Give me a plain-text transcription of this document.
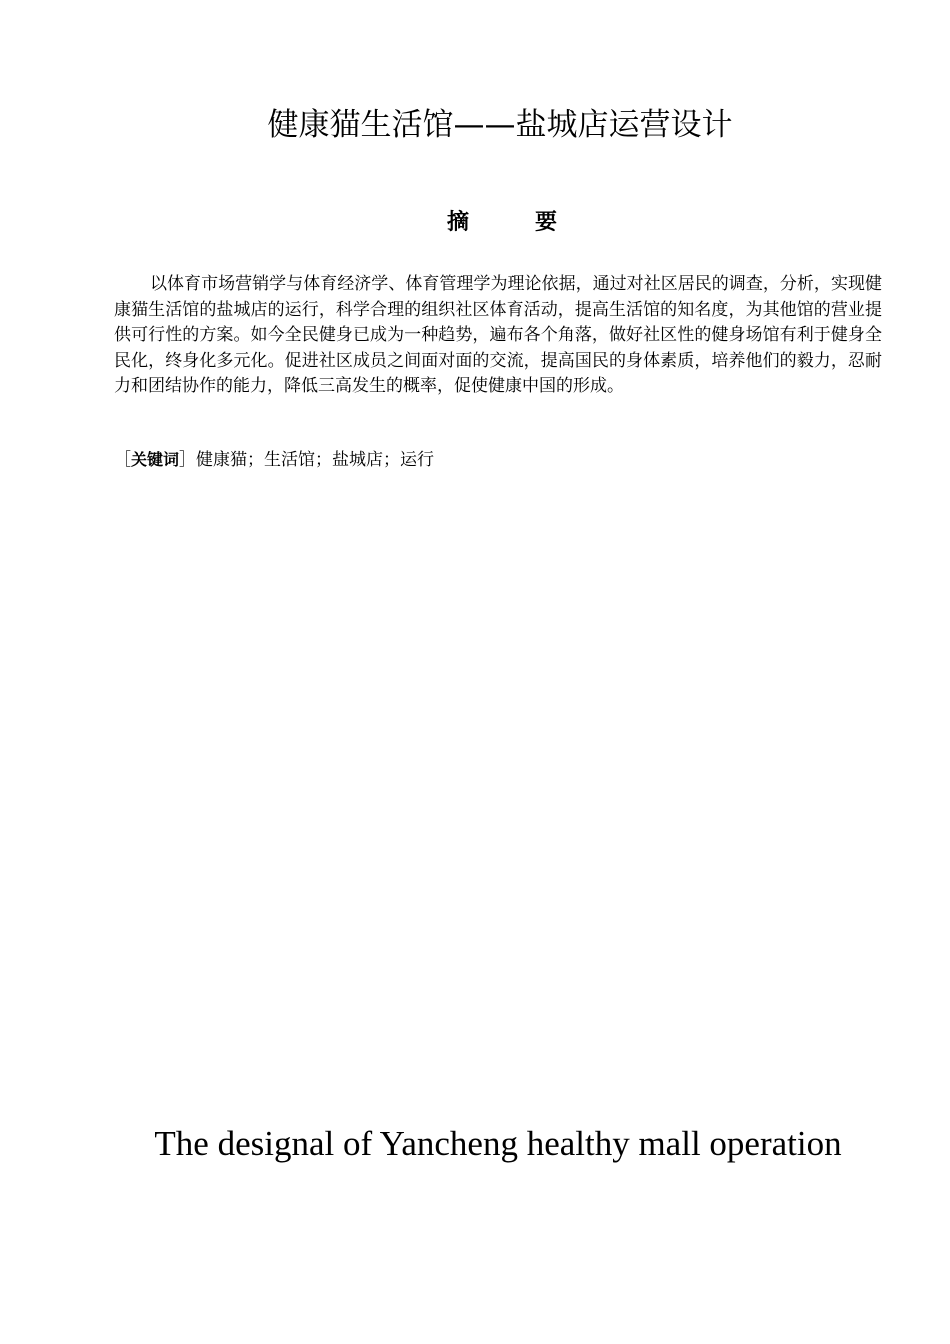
健康猫生活馆——盐城店运营设计
摘	要

以体育市场营销学与体育经济学、体育管理学为理论依据，通过对社区居民的调查，分析，实现健康猫生活馆的盐城店的运行，科学合理的组织社区体育活动，提高生活馆的知名度，为其他馆的营业提供可行性的方案。如今全民健身已成为一种趋势，遍布各个角落，做好社区性的健身场馆有利于健身全民化，终身化多元化。促进社区成员之间面对面的交流，提高国民的身体素质，培养他们的毅力，忍耐力和团结协作的能力，降低三高发生的概率，促使健康中国的形成。

［关键词］健康猫；生活馆；盐城店；运行
The designal of Yancheng healthy mall operation
